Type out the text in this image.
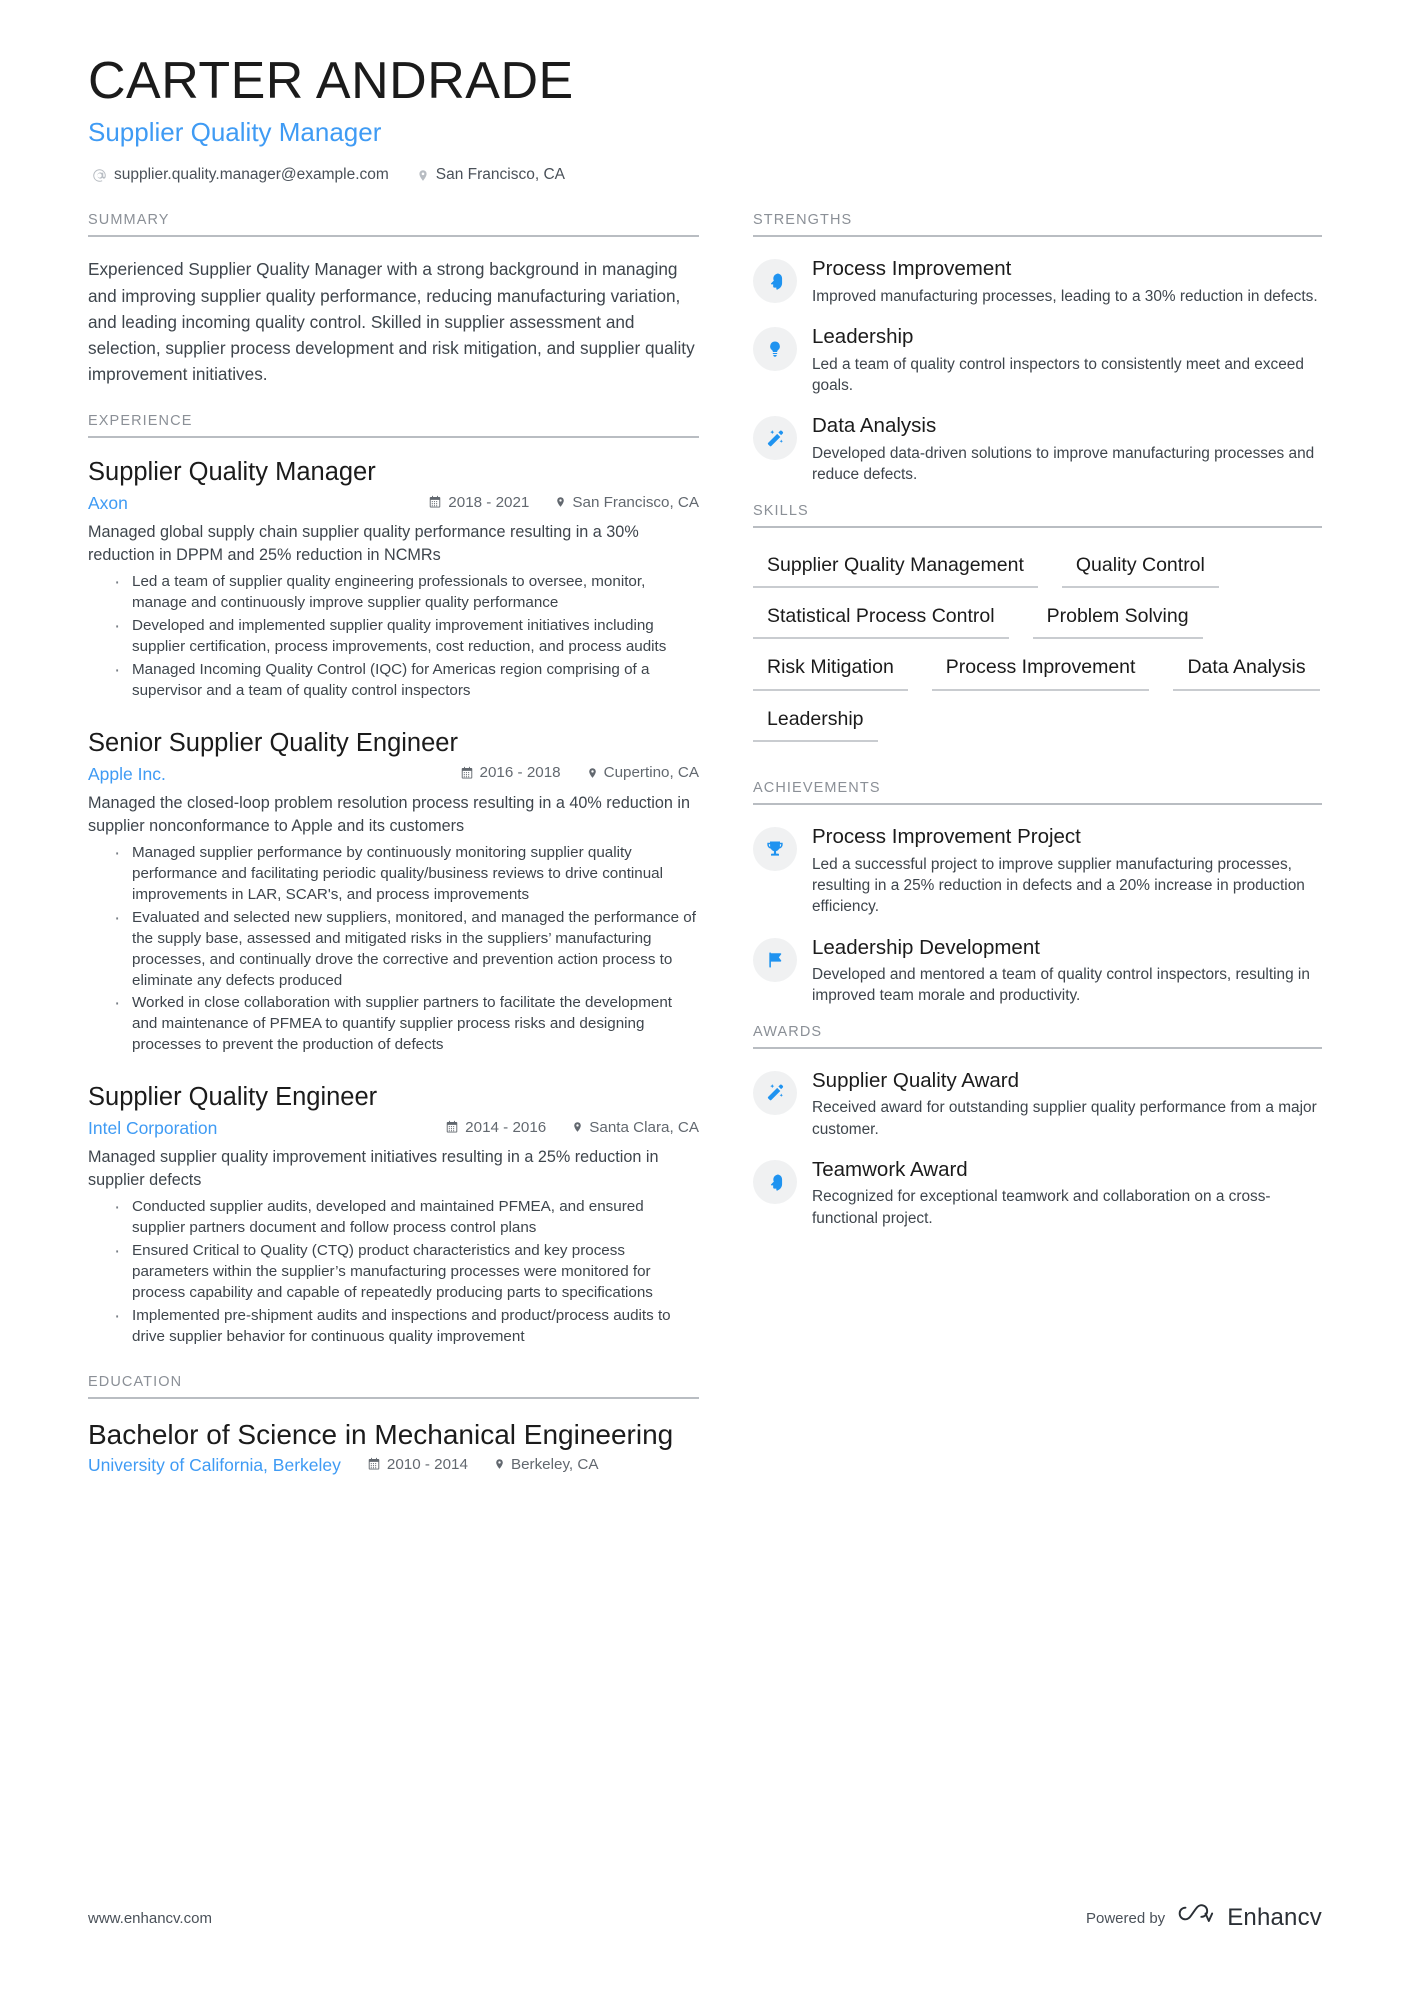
CARTER ANDRADE
Supplier Quality Manager
supplier.quality.manager@example.com	San Francisco, CA
SUMMARY
Experienced Supplier Quality Manager with a strong background in managing and improving supplier quality performance, reducing manufacturing variation, and leading incoming quality control. Skilled in supplier assessment and selection, supplier process development and risk mitigation, and supplier quality improvement initiatives.
EXPERIENCE
Supplier Quality Manager
Axon	2018 - 2021	San Francisco, CA
Managed global supply chain supplier quality performance resulting in a 30% reduction in DPPM and 25% reduction in NCMRs
· Led a team of supplier quality engineering professionals to oversee, monitor, manage and continuously improve supplier quality performance
· Developed and implemented supplier quality improvement initiatives including supplier certification, process improvements, cost reduction, and process audits
· Managed Incoming Quality Control (IQC) for Americas region comprising of a supervisor and a team of quality control inspectors
Senior Supplier Quality Engineer
Apple Inc.	2016 - 2018	Cupertino, CA
Managed the closed-loop problem resolution process resulting in a 40% reduction in supplier nonconformance to Apple and its customers
· Managed supplier performance by continuously monitoring supplier quality performance and facilitating periodic quality/business reviews to drive continual improvements in LAR, SCAR's, and process improvements
· Evaluated and selected new suppliers, monitored, and managed the performance of the supply base, assessed and mitigated risks in the suppliers’ manufacturing processes, and continually drove the corrective and prevention action process to eliminate any defects produced
· Worked in close collaboration with supplier partners to facilitate the development and maintenance of PFMEA to quantify supplier process risks and designing processes to prevent the production of defects
Supplier Quality Engineer
Intel Corporation	2014 - 2016	Santa Clara, CA
Managed supplier quality improvement initiatives resulting in a 25% reduction in supplier defects
· Conducted supplier audits, developed and maintained PFMEA, and ensured supplier partners document and follow process control plans
· Ensured Critical to Quality (CTQ) product characteristics and key process parameters within the supplier’s manufacturing processes were monitored for process capability and capable of repeatedly producing parts to specifications
· Implemented pre-shipment audits and inspections and product/process audits to drive supplier behavior for continuous quality improvement
EDUCATION
Bachelor of Science in Mechanical Engineering
University of California, Berkeley	2010 - 2014	Berkeley, CA
STRENGTHS
Process Improvement
Improved manufacturing processes, leading to a 30% reduction in defects.
Leadership
Led a team of quality control inspectors to consistently meet and exceed goals.
Data Analysis
Developed data-driven solutions to improve manufacturing processes and reduce defects.
SKILLS
Supplier Quality Management	Quality Control
Statistical Process Control	Problem Solving
Risk Mitigation	Process Improvement	Data Analysis
Leadership
ACHIEVEMENTS
Process Improvement Project
Led a successful project to improve supplier manufacturing processes, resulting in a 25% reduction in defects and a 20% increase in production efficiency.
Leadership Development
Developed and mentored a team of quality control inspectors, resulting in improved team morale and productivity.
AWARDS
Supplier Quality Award
Received award for outstanding supplier quality performance from a major customer.
Teamwork Award
Recognized for exceptional teamwork and collaboration on a cross-functional project.
www.enhancv.com	Powered by	Enhancv
